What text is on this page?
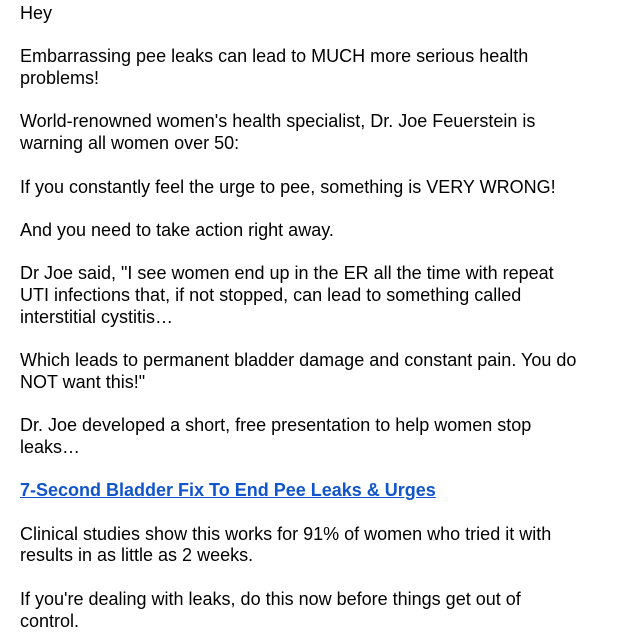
Hey
Embarrassing pee leaks can lead to MUCH more serious health
problems!
World-renowned women's health specialist, Dr. Joe Feuerstein is
warning all women over 50:
If you constantly feel the urge to pee, something is VERY WRONG!
And you need to take action right away.
Dr Joe said, "I see women end up in the ER all the time with repeat
UTI infections that, if not stopped, can lead to something called
interstitial cystitis…
Which leads to permanent bladder damage and constant pain. You do
NOT want this!"
Dr. Joe developed a short, free presentation to help women stop
leaks…
7-Second Bladder Fix To End Pee Leaks & Urges
Clinical studies show this works for 91% of women who tried it with
results in as little as 2 weeks.
If you're dealing with leaks, do this now before things get out of
control.
